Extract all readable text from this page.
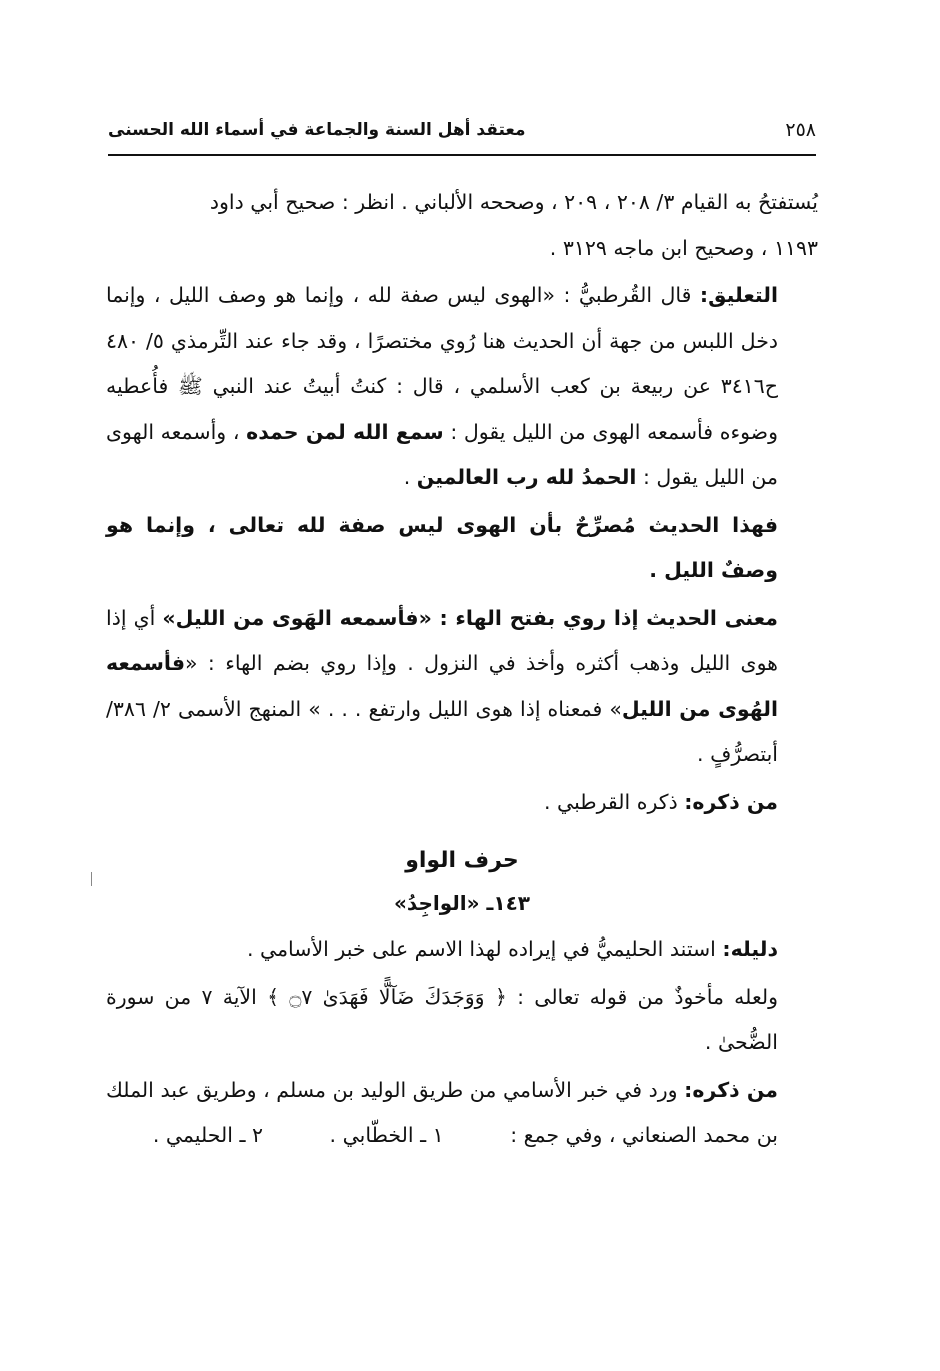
٢٥٨
معتقد أهل السنة والجماعة في أسماء الله الحسنى

يُستفتحُ به القيام ٣/ ٢٠٨ ، ٢٠٩ ، وصححه الألباني . انظر : صحيح أبي داود
١١٩٣ ، وصحيح ابن ماجه ٣١٢٩ .

التعليق: قال القُرطبيُّ : «الهوى ليس صفة لله ، وإنما هو وصف الليل ، وإنما دخل اللبس من جهة أن الحديث هنا رُوي مختصرًا ، وقد جاء عند التِّرمذي ٥/ ٤٨٠ ح٣٤١٦ عن ربيعة بن كعب الأسلمي ، قال : كنتُ أبيتُ عند النبي ﷺ فأُعطيه وضوءه فأسمعه الهوى من الليل يقول : سمع الله لمن حمده ، وأسمعه الهوى من الليل يقول : الحمدُ لله رب العالمين .

فهذا الحديث مُصرِّحٌ بأن الهوى ليس صفة لله تعالى ، وإنما هو وصفٌ الليل .

معنى الحديث إذا روي بفتح الهاء : «فأسمعه الهَوى من الليل» أي إذا هوى الليل وذهب أكثره وأخذ في النزول . وإذا روي بضم الهاء : «فأسمعه الهُوى من الليل» فمعناه إذا هوى الليل وارتفع . . . » المنهج الأسمى ٢/ ٣٨٦/ أبتصرُّفٍ .

من ذكره: ذكره القرطبي .

حرف الواو
١٤٣ـ «الواجِدُ»

دليله: استند الحليميُّ في إيراده لهذا الاسم على خبر الأسامي .

ولعله مأخوذٌ من قوله تعالى : ﴿ وَوَجَدَكَ ضَآلًّا فَهَدَىٰ ۝٧ ﴾ الآية ٧ من سورة الضُّحىٰ .

من ذكره: ورد في خبر الأسامي من طريق الوليد بن مسلم ، وطريق عبد الملك بن محمد الصنعاني ، وفي جمع : ١ ـ الخطّابي . ٢ ـ الحليمي .
